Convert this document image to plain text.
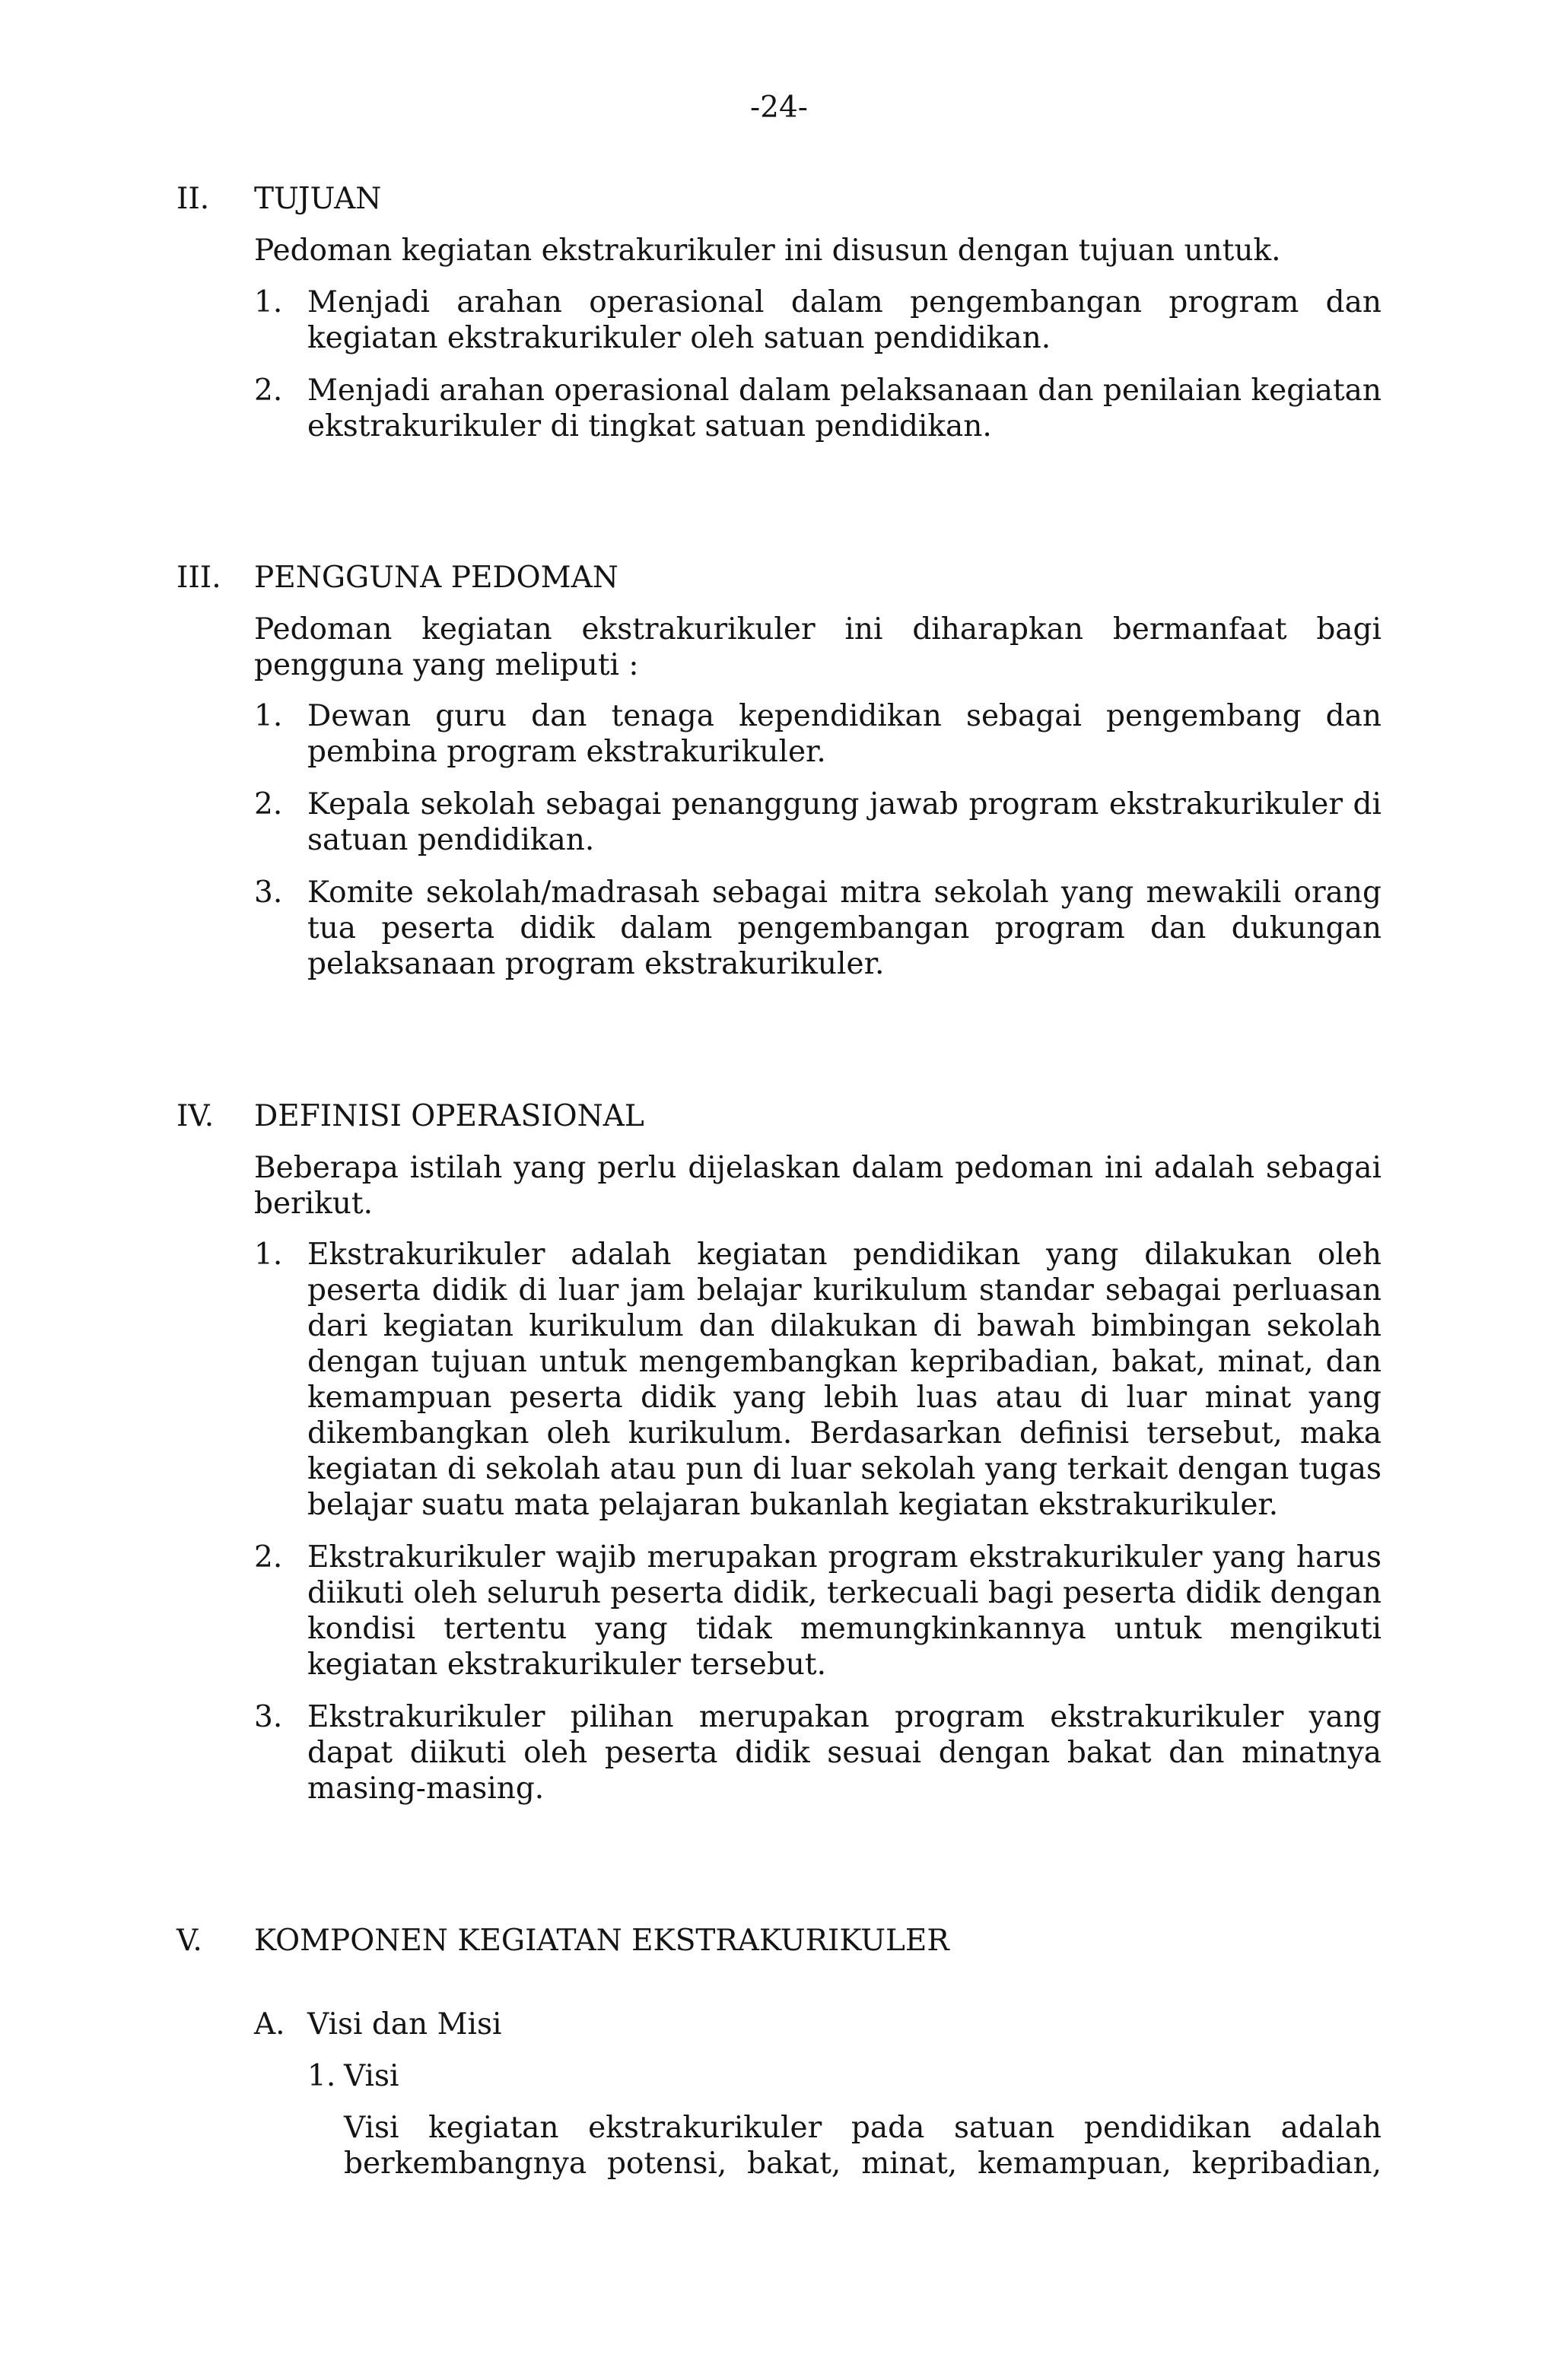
-24-
II. TUJUAN
Pedoman kegiatan ekstrakurikuler ini disusun dengan tujuan untuk.
1. Menjadi arahan operasional dalam pengembangan program dan kegiatan ekstrakurikuler oleh satuan pendidikan.
2. Menjadi arahan operasional dalam pelaksanaan dan penilaian kegiatan ekstrakurikuler di tingkat satuan pendidikan.
III. PENGGUNA PEDOMAN
Pedoman kegiatan ekstrakurikuler ini diharapkan bermanfaat bagi pengguna yang meliputi :
1. Dewan guru dan tenaga kependidikan sebagai pengembang dan pembina program ekstrakurikuler.
2. Kepala sekolah sebagai penanggung jawab program ekstrakurikuler di satuan pendidikan.
3. Komite sekolah/madrasah sebagai mitra sekolah yang mewakili orang tua peserta didik dalam pengembangan program dan dukungan pelaksanaan program ekstrakurikuler.
IV. DEFINISI OPERASIONAL
Beberapa istilah yang perlu dijelaskan dalam pedoman ini adalah sebagai berikut.
1. Ekstrakurikuler adalah kegiatan pendidikan yang dilakukan oleh peserta didik di luar jam belajar kurikulum standar sebagai perluasan dari kegiatan kurikulum dan dilakukan di bawah bimbingan sekolah dengan tujuan untuk mengembangkan kepribadian, bakat, minat, dan kemampuan peserta didik yang lebih luas atau di luar minat yang dikembangkan oleh kurikulum. Berdasarkan definisi tersebut, maka kegiatan di sekolah atau pun di luar sekolah yang terkait dengan tugas belajar suatu mata pelajaran bukanlah kegiatan ekstrakurikuler.
2. Ekstrakurikuler wajib merupakan program ekstrakurikuler yang harus diikuti oleh seluruh peserta didik, terkecuali bagi peserta didik dengan kondisi tertentu yang tidak memungkinkannya untuk mengikuti kegiatan ekstrakurikuler tersebut.
3. Ekstrakurikuler pilihan merupakan program ekstrakurikuler yang dapat diikuti oleh peserta didik sesuai dengan bakat dan minatnya masing-masing.
V. KOMPONEN KEGIATAN EKSTRAKURIKULER
A. Visi dan Misi
1. Visi
Visi kegiatan ekstrakurikuler pada satuan pendidikan adalah
berkembangnya potensi, bakat, minat, kemampuan, kepribadian,
